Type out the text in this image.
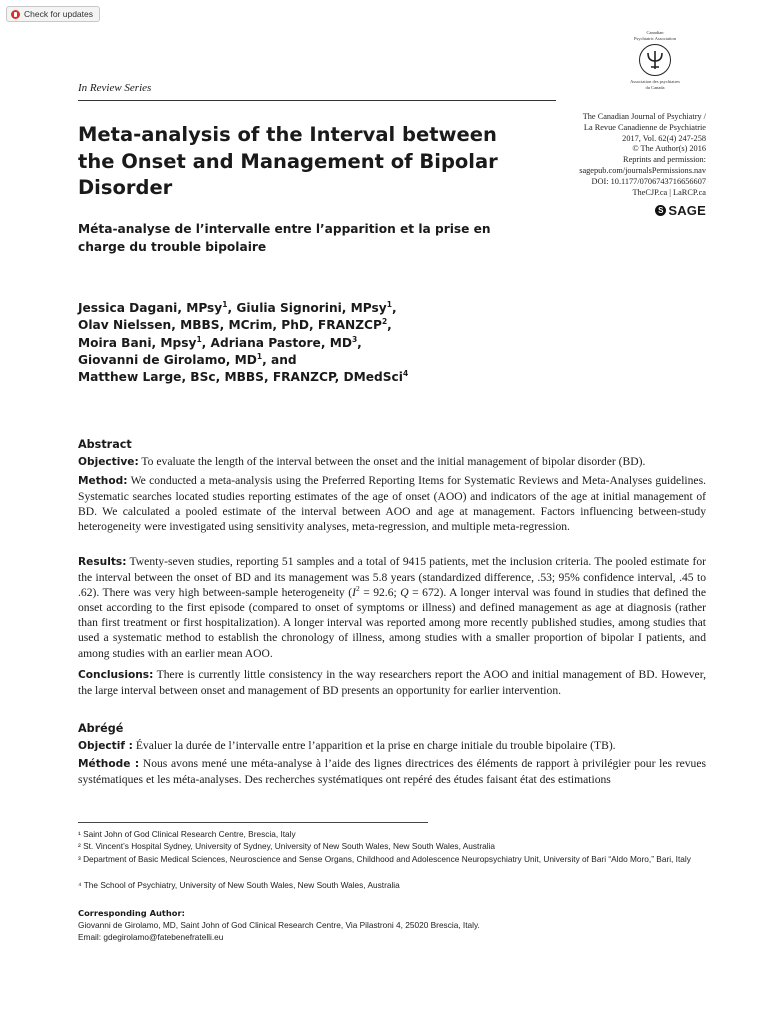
Check for updates
Canadian
Psychiatric Association
Association des psychiatres
du Canada
In Review Series
The Canadian Journal of Psychiatry /
La Revue Canadienne de Psychiatrie
2017, Vol. 62(4) 247-258
© The Author(s) 2016
Reprints and permission:
sagepub.com/journalsPermissions.nav
DOI: 10.1177/0706743716656607
TheCJP.ca | LaRCP.ca
S SAGE
Meta-analysis of the Interval between the Onset and Management of Bipolar Disorder
Méta-analyse de l’intervalle entre l’apparition et la prise en charge du trouble bipolaire
Jessica Dagani, MPsy$^1$, Giulia Signorini, MPsy$^1$,
Olav Nielssen, MBBS, MCrim, PhD, FRANZCP$^2$,
Moira Bani, Mpsy$^1$, Adriana Pastore, $MD^3$,
Giovanni de Girolamo, $MD^1$, and
Matthew Large, BSc, MBBS, FRANZCP, DMedSci$^4$
Abstract

Objective: To evaluate the length of the interval between the onset and the initial management of bipolar disorder (BD).

Method: We conducted a meta-analysis using the Preferred Reporting Items for Systematic Reviews and Meta-Analyses guidelines. Systematic searches located studies reporting estimates of the age of onset (AOO) and indicators of the age at initial management of BD. We calculated a pooled estimate of the interval between AOO and age at management. Factors influencing between-study heterogeneity were investigated using sensitivity analyses, meta-regression, and multiple meta-regression.

Results: Twenty-seven studies, reporting 51 samples and a total of 9415 patients, met the inclusion criteria. The pooled estimate for the interval between the onset of BD and its management was 5.8 years (standardized difference, .53; 95% confidence interval, .45 to .62). There was very high between-sample heterogeneity ($I^2 = 92.6$; Q = 672). A longer interval was found in studies that defined the onset according to the first episode (compared to onset of symptoms or illness) and defined management as age at diagnosis (rather than first treatment or first hospitalization). A longer interval was reported among more recently published studies, among studies that used a systematic method to establish the chronology of illness, among studies with a smaller proportion of bipolar I patients, and among studies with an earlier mean AOO.

Conclusions: There is currently little consistency in the way researchers report the AOO and initial management of BD. However, the large interval between onset and management of BD presents an opportunity for earlier intervention.

Abrégé

Objectif : Évaluer la durée de l’intervalle entre l’apparition et la prise en charge initiale du trouble bipolaire (TB).

Méthode : Nous avons mené une méta-analyse à l’aide des lignes directrices des éléments de rapport à privilégier pour les revues systématiques et les méta-analyses. Des recherches systématiques ont repéré des études faisant état des estimations

¹ Saint John of God Clinical Research Centre, Brescia, Italy
² St. Vincent’s Hospital Sydney, University of Sydney, University of New South Wales, New South Wales, Australia
³ Department of Basic Medical Sciences, Neuroscience and Sense Organs, Childhood and Adolescence Neuropsychiatry Unit, University of Bari “Aldo Moro,” Bari, Italy
⁴ The School of Psychiatry, University of New South Wales, New South Wales, Australia
Corresponding Author:
Giovanni de Girolamo, MD, Saint John of God Clinical Research Centre, Via Pilastroni 4, 25020 Brescia, Italy.
Email: gdegirolamo@fatebenefratelli.eu
